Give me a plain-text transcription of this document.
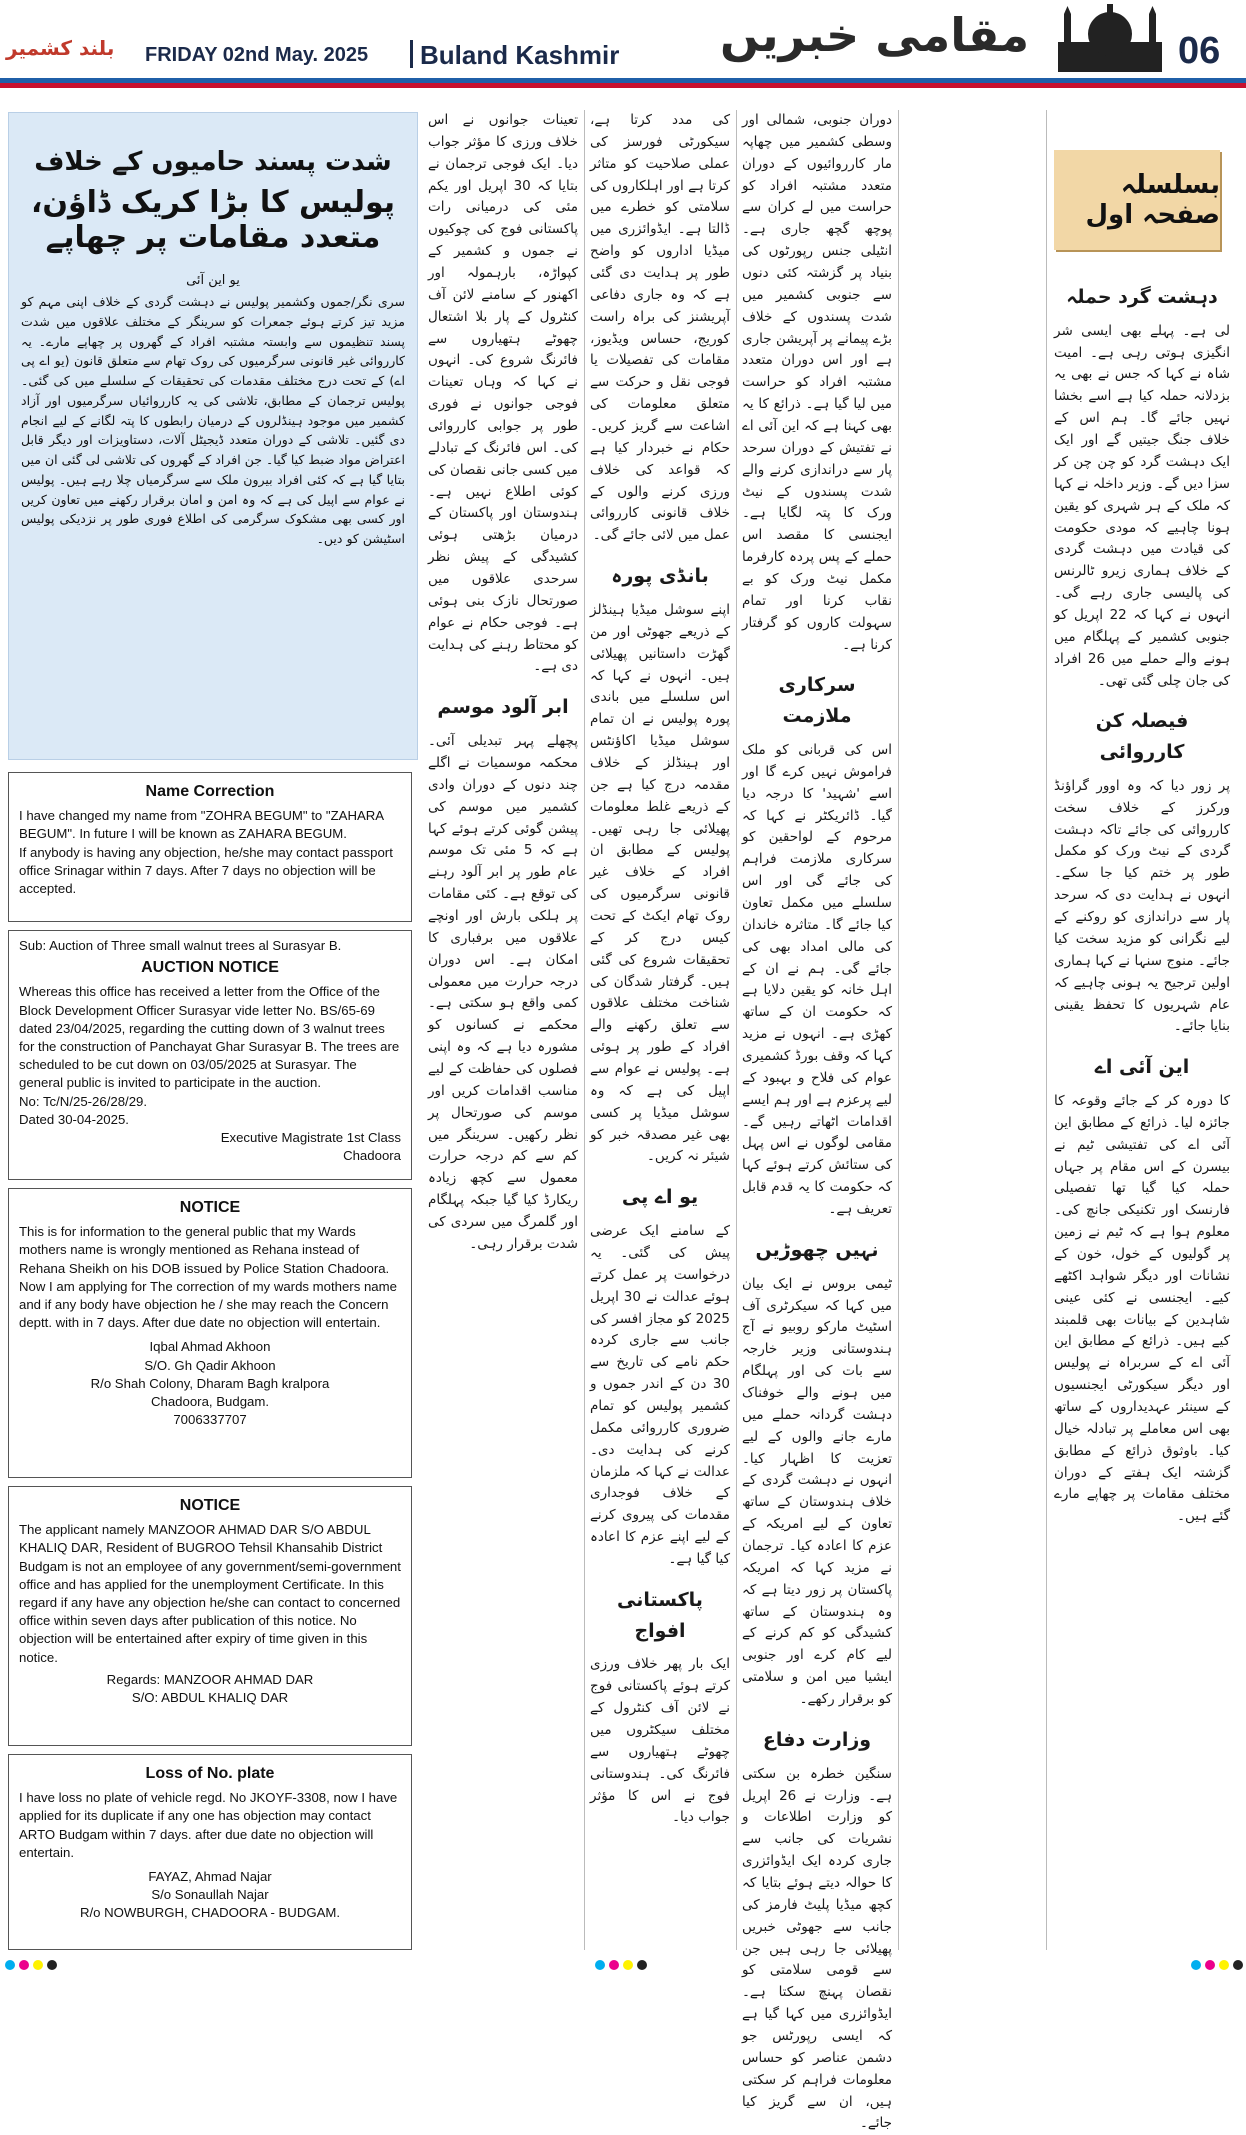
بلند کشمیر FRIDAY 02nd May. 2025 Buland Kashmir مقامی خبریں	06
شدت پسند حامیوں کے خلاف
پولیس کا بڑا کریک ڈاؤن، متعدد مقامات پر چھاپے
یو این آئی
سری نگر/جموں وکشمیر پولیس نے دہشت گردی کے خلاف اپنی مہم کو مزید تیز کرتے ہوئے جمعرات کو سرینگر کے مختلف علاقوں میں شدت پسند تنظیموں سے وابستہ مشتبہ افراد کے گھروں پر چھاپے مارے۔ یہ کارروائی غیر قانونی سرگرمیوں کی روک تھام سے متعلق قانون (یو اے پی اے) کے تحت درج مختلف مقدمات کی تحقیقات کے سلسلے میں کی گئی۔ پولیس ترجمان کے مطابق، تلاشی کی یہ کارروائیاں سرگرمیوں اور آزاد کشمیر میں موجود ہینڈلروں کے درمیان رابطوں کا پتہ لگانے کے لیے انجام دی گئیں۔ تلاشی کے دوران متعدد ڈیجیٹل آلات، دستاویزات اور دیگر قابل اعتراض مواد ضبط کیا گیا۔ جن افراد کے گھروں کی تلاشی لی گئی ان میں بتایا گیا ہے کہ کئی افراد بیرون ملک سے سرگرمیاں چلا رہے ہیں۔ پولیس نے عوام سے اپیل کی ہے کہ وہ امن و امان برقرار رکھنے میں تعاون کریں اور کسی بھی مشکوک سرگرمی کی اطلاع فوری طور پر نزدیکی پولیس اسٹیشن کو دیں۔
Name Correction

I have changed my name from "ZOHRA BEGUM" to "ZAHARA BEGUM". In future I will be known as ZAHARA BEGUM.

If anybody is having any objection, he/she may contact passport office Srinagar within 7 days. After 7 days no objection will be accepted.

Sub: Auction of Three small walnut trees al Surasyar B.

AUCTION NOTICE

Whereas this office has received a letter from the Office of the Block Development Officer Surasyar vide letter No. BS/65-69 dated 23/04/2025, regarding the cutting down of 3 walnut trees for the construction of Panchayat Ghar Surasyar B. The trees are scheduled to be cut down on 03/05/2025 at Surasyar. The general public is invited to participate in the auction.

No: Tc/N/25-26/28/29.

Dated 30-04-2025.

Executive Magistrate 1st Class

Chadoora

NOTICE

This is for information to the general public that my Wards mothers name is wrongly mentioned as Rehana instead of Rehana Sheikh on his DOB issued by Police Station Chadoora. Now I am applying for The correction of my wards mothers name and if any body have objection he / she may reach the Concern deptt. with in 7 days. After due date no objection will entertain.

Iqbal Ahmad Akhoon

S/O. Gh Qadir Akhoon

R/o Shah Colony, Dharam Bagh kralpora

Chadoora, Budgam.

7006337707

NOTICE

The applicant namely MANZOOR AHMAD DAR S/O ABDUL KHALIQ DAR, Resident of BUGROO Tehsil Khansahib District Budgam is not an employee of any government/semi-government office and has applied for the unemployment Certificate. In this regard if any have any objection he/she can contact to concerned office within seven days after publication of this notice. No objection will be entertained after expiry of time given in this notice.

Regards: MANZOOR AHMAD DAR

S/O: ABDUL KHALIQ DAR

Loss of No. plate

I have loss no plate of vehicle regd. No JKOYF-3308, now I have applied for its duplicate if any one has objection may contact ARTO Budgam within 7 days. after due date no objection will entertain.

FAYAZ, Ahmad Najar

S/o Sonaullah Najar

R/o NOWBURGH, CHADOORA - BUDGAM.

تعینات جوانوں نے اس خلاف ورزی کا مؤثر جواب دیا۔ ایک فوجی ترجمان نے بتایا کہ 30 اپریل اور یکم مئی کی درمیانی رات پاکستانی فوج کی چوکیوں نے جموں و کشمیر کے کپواڑہ، بارہمولہ اور اکھنور کے سامنے لائن آف کنٹرول کے پار بلا اشتعال چھوٹے ہتھیاروں سے فائرنگ شروع کی۔ انہوں نے کہا کہ وہاں تعینات فوجی جوانوں نے فوری طور پر جوابی کارروائی کی۔ اس فائرنگ کے تبادلے میں کسی جانی نقصان کی کوئی اطلاع نہیں ہے۔ ہندوستان اور پاکستان کے درمیان بڑھتی ہوئی کشیدگی کے پیش نظر سرحدی علاقوں میں صورتحال نازک بنی ہوئی ہے۔ فوجی حکام نے عوام کو محتاط رہنے کی ہدایت دی ہے۔

ابر آلود موسم

پچھلے پہر تبدیلی آئی۔ محکمہ موسمیات نے اگلے چند دنوں کے دوران وادی کشمیر میں موسم کی پیشن گوئی کرتے ہوئے کہا ہے کہ 5 مئی تک موسم عام طور پر ابر آلود رہنے کی توقع ہے۔ کئی مقامات پر ہلکی بارش اور اونچے علاقوں میں برفباری کا امکان ہے۔ اس دوران درجہ حرارت میں معمولی کمی واقع ہو سکتی ہے۔ محکمے نے کسانوں کو مشورہ دیا ہے کہ وہ اپنی فصلوں کی حفاظت کے لیے مناسب اقدامات کریں اور موسم کی صورتحال پر نظر رکھیں۔ سرینگر میں کم سے کم درجہ حرارت معمول سے کچھ زیادہ ریکارڈ کیا گیا جبکہ پہلگام اور گلمرگ میں سردی کی شدت برقرار رہی۔

کی مدد کرتا ہے، سیکورٹی فورسز کی عملی صلاحیت کو متاثر کرتا ہے اور اہلکاروں کی سلامتی کو خطرے میں ڈالتا ہے۔ ایڈوائزری میں میڈیا اداروں کو واضح طور پر ہدایت دی گئی ہے کہ وہ جاری دفاعی آپریشنز کی براہ راست کوریج، حساس ویڈیوز، مقامات کی تفصیلات یا فوجی نقل و حرکت سے متعلق معلومات کی اشاعت سے گریز کریں۔ حکام نے خبردار کیا ہے کہ قواعد کی خلاف ورزی کرنے والوں کے خلاف قانونی کارروائی عمل میں لائی جائے گی۔

بانڈی پورہ

اپنے سوشل میڈیا ہینڈلز کے ذریعے جھوٹی اور من گھڑت داستانیں پھیلائی ہیں۔ انہوں نے کہا کہ اس سلسلے میں باندی پورہ پولیس نے ان تمام سوشل میڈیا اکاؤنٹس اور ہینڈلز کے خلاف مقدمہ درج کیا ہے جن کے ذریعے غلط معلومات پھیلائی جا رہی تھیں۔ پولیس کے مطابق ان افراد کے خلاف غیر قانونی سرگرمیوں کی روک تھام ایکٹ کے تحت کیس درج کر کے تحقیقات شروع کی گئی ہیں۔ گرفتار شدگان کی شناخت مختلف علاقوں سے تعلق رکھنے والے افراد کے طور پر ہوئی ہے۔ پولیس نے عوام سے اپیل کی ہے کہ وہ سوشل میڈیا پر کسی بھی غیر مصدقہ خبر کو شیئر نہ کریں۔

یو اے پی

کے سامنے ایک عرضی پیش کی گئی۔ یہ درخواست پر عمل کرتے ہوئے عدالت نے 30 اپریل 2025 کو مجاز افسر کی جانب سے جاری کردہ حکم نامے کی تاریخ سے 30 دن کے اندر جموں و کشمیر پولیس کو تمام ضروری کارروائی مکمل کرنے کی ہدایت دی۔ عدالت نے کہا کہ ملزمان کے خلاف فوجداری مقدمات کی پیروی کرنے کے لیے اپنے عزم کا اعادہ کیا گیا ہے۔

پاکستانی افواج

ایک بار پھر خلاف ورزی کرتے ہوئے پاکستانی فوج نے لائن آف کنٹرول کے مختلف سیکٹروں میں چھوٹے ہتھیاروں سے فائرنگ کی۔ ہندوستانی فوج نے اس کا مؤثر جواب دیا۔

دوران جنوبی، شمالی اور وسطی کشمیر میں چھاپہ مار کارروائیوں کے دوران متعدد مشتبہ افراد کو حراست میں لے کران سے پوچھ گچھ جاری ہے۔ انٹیلی جنس رپورٹوں کی بنیاد پر گزشتہ کئی دنوں سے جنوبی کشمیر میں شدت پسندوں کے خلاف بڑے پیمانے پر آپریشن جاری ہے اور اس دوران متعدد مشتبہ افراد کو حراست میں لیا گیا ہے۔ ذرائع کا یہ بھی کہنا ہے کہ این آئی اے نے تفتیش کے دوران سرحد پار سے دراندازی کرنے والے شدت پسندوں کے نیٹ ورک کا پتہ لگایا ہے۔ ایجنسی کا مقصد اس حملے کے پس پردہ کارفرما مکمل نیٹ ورک کو بے نقاب کرنا اور تمام سہولت کاروں کو گرفتار کرنا ہے۔

سرکاری ملازمت

اس کی قربانی کو ملک فراموش نہیں کرے گا اور اسے 'شہید' کا درجہ دیا گیا۔ ڈائریکٹر نے کہا کہ مرحوم کے لواحقین کو سرکاری ملازمت فراہم کی جائے گی اور اس سلسلے میں مکمل تعاون کیا جائے گا۔ متاثرہ خاندان کی مالی امداد بھی کی جائے گی۔ ہم نے ان کے اہل خانہ کو یقین دلایا ہے کہ حکومت ان کے ساتھ کھڑی ہے۔ انہوں نے مزید کہا کہ وقف بورڈ کشمیری عوام کی فلاح و بہبود کے لیے پرعزم ہے اور ہم ایسے اقدامات اٹھاتے رہیں گے۔ مقامی لوگوں نے اس پہل کی ستائش کرتے ہوئے کہا کہ حکومت کا یہ قدم قابل تعریف ہے۔

نہیں چھوڑیں

ٹیمی بروس نے ایک بیان میں کہا کہ سیکرٹری آف اسٹیٹ مارکو روبیو نے آج ہندوستانی وزیر خارجہ سے بات کی اور پہلگام میں ہونے والے خوفناک دہشت گردانہ حملے میں مارے جانے والوں کے لیے تعزیت کا اظہار کیا۔ انہوں نے دہشت گردی کے خلاف ہندوستان کے ساتھ تعاون کے لیے امریکہ کے عزم کا اعادہ کیا۔ ترجمان نے مزید کہا کہ امریکہ پاکستان پر زور دیتا ہے کہ وہ ہندوستان کے ساتھ کشیدگی کو کم کرنے کے لیے کام کرے اور جنوبی ایشیا میں امن و سلامتی کو برقرار رکھے۔

وزارت دفاع

سنگین خطرہ بن سکتی ہے۔ وزارت نے 26 اپریل کو وزارت اطلاعات و نشریات کی جانب سے جاری کردہ ایک ایڈوائزری کا حوالہ دیتے ہوئے بتایا کہ کچھ میڈیا پلیٹ فارمز کی جانب سے جھوٹی خبریں پھیلائی جا رہی ہیں جن سے قومی سلامتی کو نقصان پہنچ سکتا ہے۔ ایڈوائزری میں کہا گیا ہے کہ ایسی رپورٹس جو دشمن عناصر کو حساس معلومات فراہم کر سکتی ہیں، ان سے گریز کیا جائے۔

بسلسلہ صفحہ اول
دہشت گرد حملہ

لی ہے۔ پہلے بھی ایسی شر انگیزی ہوتی رہی ہے۔ امیت شاہ نے کہا کہ جس نے بھی یہ بزدلانہ حملہ کیا ہے اسے بخشا نہیں جائے گا۔ ہم اس کے خلاف جنگ جیتیں گے اور ایک ایک دہشت گرد کو چن چن کر سزا دیں گے۔ وزیر داخلہ نے کہا کہ ملک کے ہر شہری کو یقین ہونا چاہیے کہ مودی حکومت کی قیادت میں دہشت گردی کے خلاف ہماری زیرو ٹالرنس کی پالیسی جاری رہے گی۔ انہوں نے کہا کہ 22 اپریل کو جنوبی کشمیر کے پہلگام میں ہونے والے حملے میں 26 افراد کی جان چلی گئی تھی۔

فیصلہ کن کارروائی

پر زور دیا کہ وہ اوور گراؤنڈ ورکرز کے خلاف سخت کارروائی کی جائے تاکہ دہشت گردی کے نیٹ ورک کو مکمل طور پر ختم کیا جا سکے۔ انہوں نے ہدایت دی کہ سرحد پار سے دراندازی کو روکنے کے لیے نگرانی کو مزید سخت کیا جائے۔ منوج سنہا نے کہا ہماری اولین ترجیح یہ ہونی چاہیے کہ عام شہریوں کا تحفظ یقینی بنایا جائے۔

این آئی اے

کا دورہ کر کے جائے وقوعہ کا جائزہ لیا۔ ذرائع کے مطابق این آئی اے کی تفتیشی ٹیم نے بیسرن کے اس مقام پر جہاں حملہ کیا گیا تھا تفصیلی فارنسک اور تکنیکی جانچ کی۔ معلوم ہوا ہے کہ ٹیم نے زمین پر گولیوں کے خول، خون کے نشانات اور دیگر شواہد اکٹھے کیے۔ ایجنسی نے کئی عینی شاہدین کے بیانات بھی قلمبند کیے ہیں۔ ذرائع کے مطابق این آئی اے کے سربراہ نے پولیس اور دیگر سیکورٹی ایجنسیوں کے سینئر عہدیداروں کے ساتھ بھی اس معاملے پر تبادلہ خیال کیا۔ باوثوق ذرائع کے مطابق گزشتہ ایک ہفتے کے دوران مختلف مقامات پر چھاپے مارے گئے ہیں۔
